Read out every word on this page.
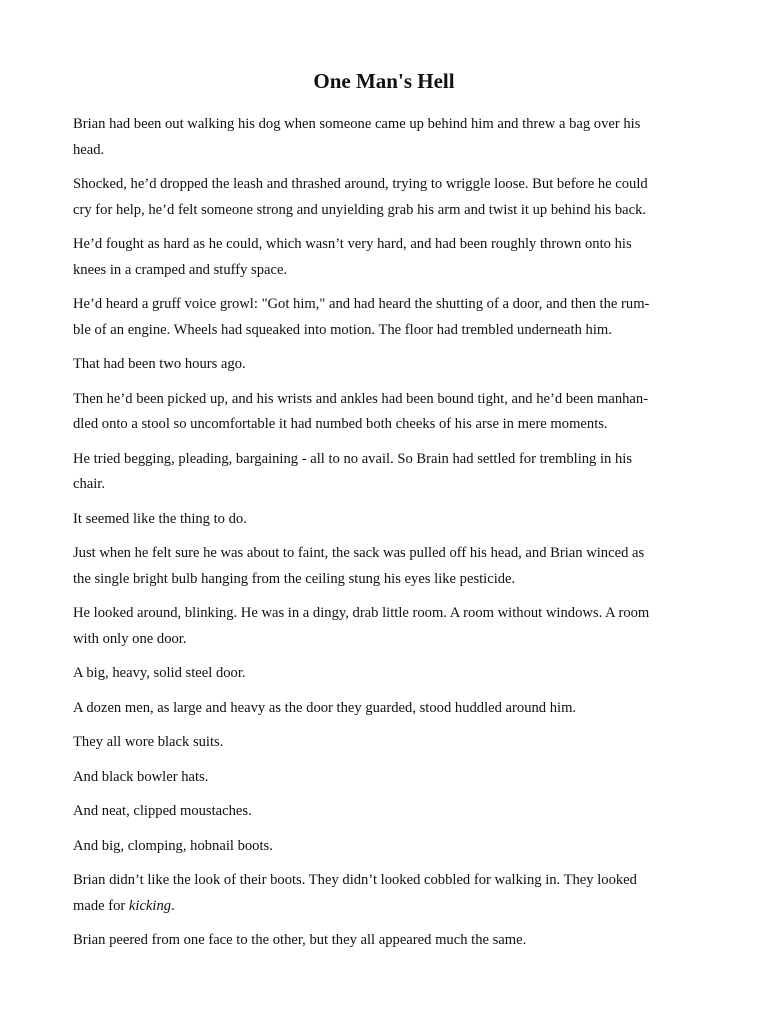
One Man's Hell

Brian had been out walking his dog when someone came up behind him and threw a bag over his
head.

Shocked, he’d dropped the leash and thrashed around, trying to wriggle loose. But before he could
cry for help, he’d felt someone strong and unyielding grab his arm and twist it up behind his back.

He’d fought as hard as he could, which wasn’t very hard, and had been roughly thrown onto his
knees in a cramped and stuffy space.

He’d heard a gruff voice growl: "Got him," and had heard the shutting of a door, and then the rum-
ble of an engine. Wheels had squeaked into motion. The floor had trembled underneath him.

That had been two hours ago.

Then he’d been picked up, and his wrists and ankles had been bound tight, and he’d been manhan-
dled onto a stool so uncomfortable it had numbed both cheeks of his arse in mere moments.

He tried begging, pleading, bargaining - all to no avail. So Brain had settled for trembling in his
chair.

It seemed like the thing to do.

Just when he felt sure he was about to faint, the sack was pulled off his head, and Brian winced as
the single bright bulb hanging from the ceiling stung his eyes like pesticide.

He looked around, blinking. He was in a dingy, drab little room. A room without windows. A room
with only one door.

A big, heavy, solid steel door.

A dozen men, as large and heavy as the door they guarded, stood huddled around him.

They all wore black suits.

And black bowler hats.

And neat, clipped moustaches.

And big, clomping, hobnail boots.

Brian didn’t like the look of their boots. They didn’t looked cobbled for walking in. They looked
made for kicking.

Brian peered from one face to the other, but they all appeared much the same.
